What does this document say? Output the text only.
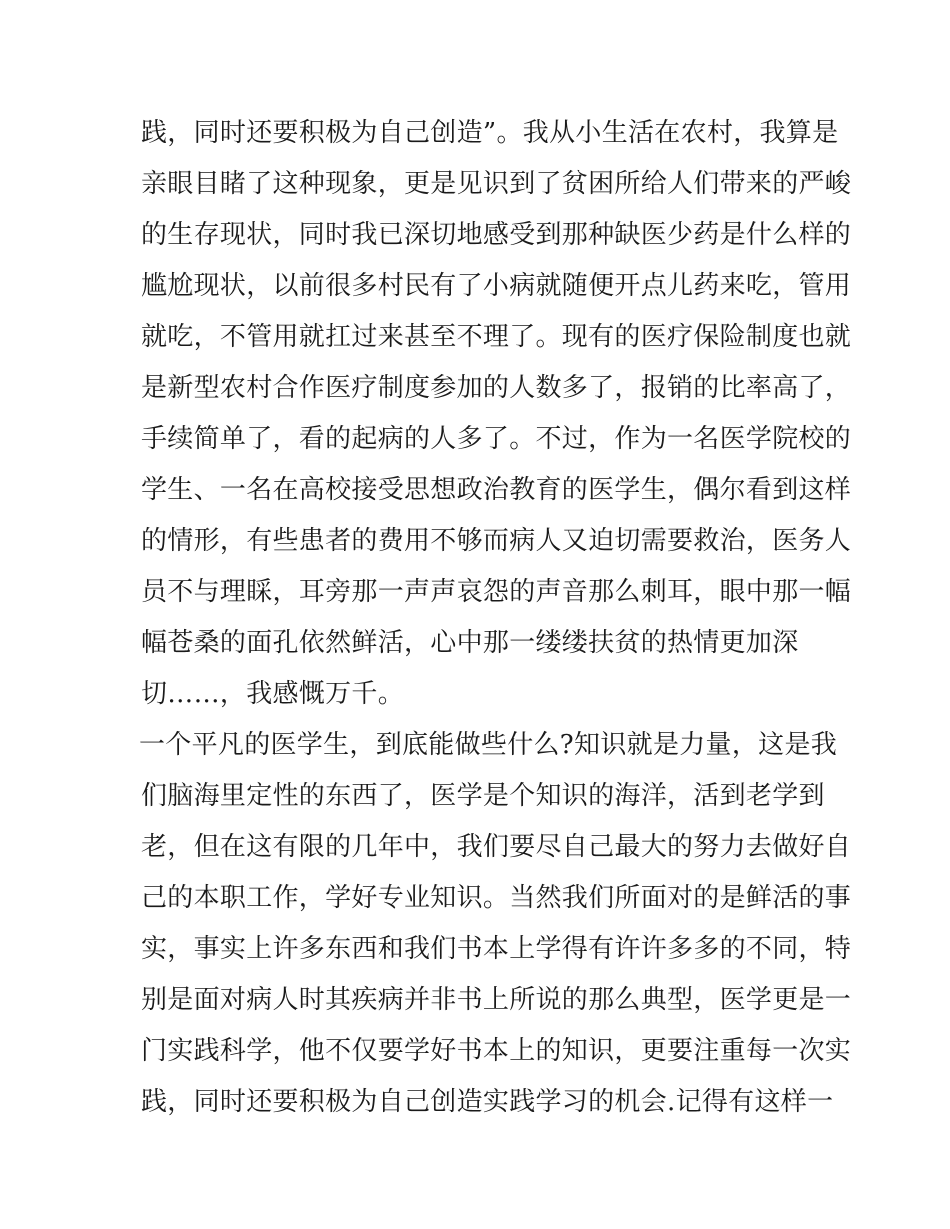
践，同时还要积极为自己创造”。我从小生活在农村，我算是
亲眼目睹了这种现象，更是见识到了贫困所给人们带来的严峻
的生存现状，同时我已深切地感受到那种缺医少药是什么样的
尴尬现状，以前很多村民有了小病就随便开点儿药来吃，管用
就吃，不管用就扛过来甚至不理了。现有的医疗保险制度也就
是新型农村合作医疗制度参加的人数多了，报销的比率高了，
手续简单了，看的起病的人多了。不过，作为一名医学院校的
学生、一名在高校接受思想政治教育的医学生，偶尔看到这样
的情形，有些患者的费用不够而病人又迫切需要救治，医务人
员不与理睬，耳旁那一声声哀怨的声音那么刺耳，眼中那一幅
幅苍桑的面孔依然鲜活，心中那一缕缕扶贫的热情更加深
切……，我感慨万千。
一个平凡的医学生，到底能做些什么?知识就是力量，这是我
们脑海里定性的东西了，医学是个知识的海洋，活到老学到
老，但在这有限的几年中，我们要尽自己最大的努力去做好自
己的本职工作，学好专业知识。当然我们所面对的是鲜活的事
实，事实上许多东西和我们书本上学得有许许多多的不同，特
别是面对病人时其疾病并非书上所说的那么典型，医学更是一
门实践科学，他不仅要学好书本上的知识，更要注重每一次实
践，同时还要积极为自己创造实践学习的机会.记得有这样一
